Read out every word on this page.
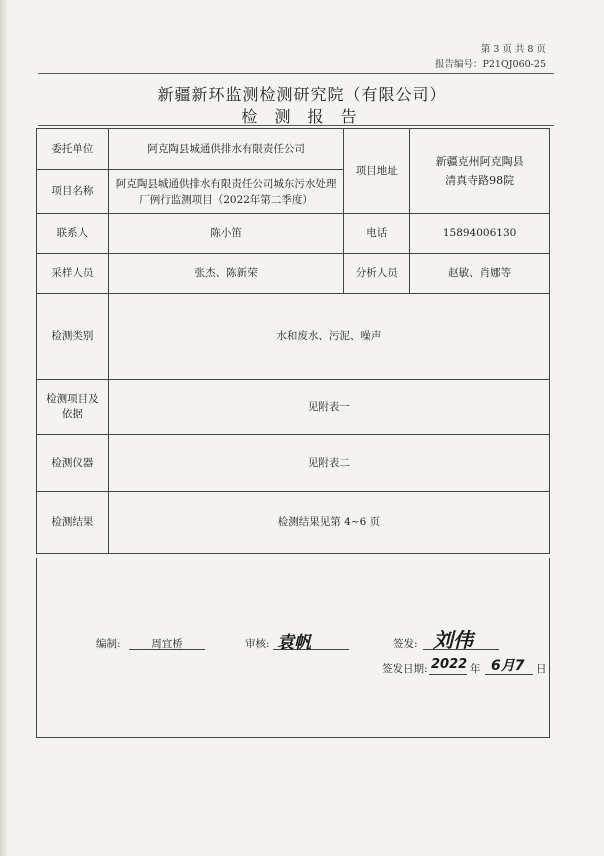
第 3 页 共 8 页
报告编号：P21QJ060-25
新疆新环监测检测研究院（有限公司）
检 测 报 告
委托单位	阿克陶县城通供排水有限责任公司	项目地址	新疆克州阿克陶县
清真寺路98院

项目名称	阿克陶县城通供排水有限责任公司城东污水处理厂例行监测项目（2022年第二季度）		
联系人	陈小笛	电话	15894006130
采样人员	张杰、陈新荣	分析人员	赵敏、肖娜等
检测类别	水和废水、污泥、噪声		
检测项目及依据	见附表一		
检测仪器	见附表二		
检测结果	检测结果见第 4~6 页		
编制:	周宜桥	审核: 袁帆	签发: 刘伟
签发日期: 2022 年 6月7 日
